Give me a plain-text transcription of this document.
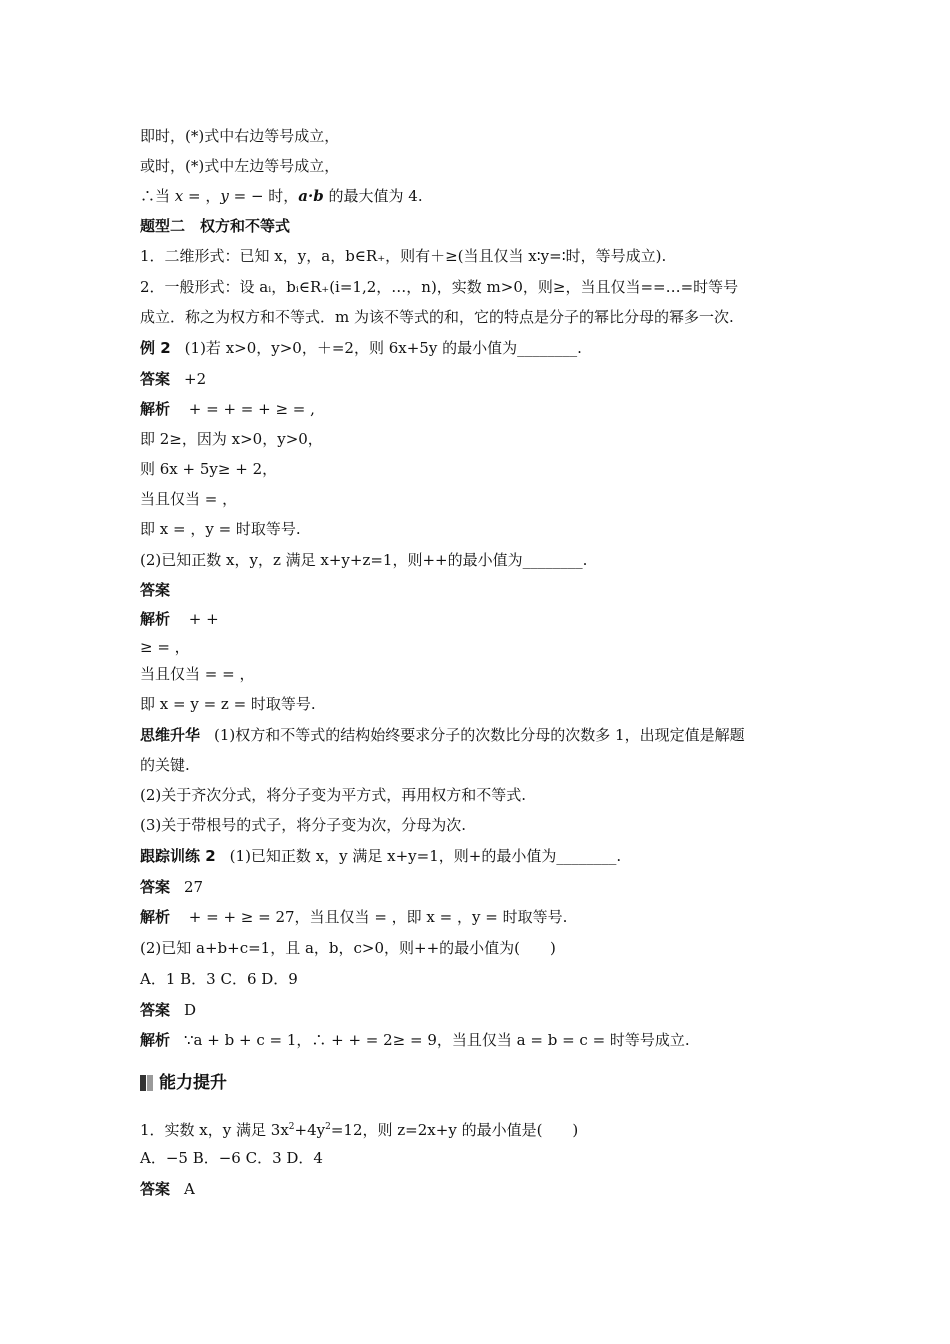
即时，(*)式中右边等号成立，
或时，(*)式中左边等号成立，
∴当 x = ，y = − 时，a·b 的最大值为 4.
题型二　权方和不等式
1．二维形式：已知 x，y，a，b∈R₊，则有＋≥(当且仅当 x∶y=∶时，等号成立).
2．一般形式：设 aᵢ，bᵢ∈R₊(i=1,2，…，n)，实数 m>0，则≥，当且仅当==…=时等号
成立．称之为权方和不等式．m 为该不等式的和，它的特点是分子的幂比分母的幂多一次.
例 2 (1)若 x>0，y>0，＋=2，则 6x+5y 的最小值为________.
答案 +2
解析 + = + = + ≥ = ,
即 2≥，因为 x>0，y>0，
则 6x + 5y≥ + 2，
当且仅当 = ，
即 x = ，y = 时取等号.
(2)已知正数 x，y，z 满足 x+y+z=1，则++的最小值为________.
答案
解析 + +
≥ = ，
当且仅当 = = ，
即 x = y = z = 时取等号.
思维升华 (1)权方和不等式的结构始终要求分子的次数比分母的次数多 1，出现定值是解题
的关键.
(2)关于齐次分式，将分子变为平方式，再用权方和不等式.
(3)关于带根号的式子，将分子变为次，分母为次.
跟踪训练 2 (1)已知正数 x，y 满足 x+y=1，则+的最小值为________.
答案 27
解析 + = + ≥ = 27，当且仅当 = ，即 x = ，y = 时取等号.
(2)已知 a+b+c=1，且 a，b，c>0，则++的最小值为(　　)
A．1 B．3 C．6 D．9
答案 D
解析 ∵a + b + c = 1，∴ + + = 2≥ = 9，当且仅当 a = b = c = 时等号成立.
能力提升
1．实数 x，y 满足 $3x^2+4y^2=12$，则 z=2x+y 的最小值是(　　)
A．−5 B．−6 C．3 D．4
答案 A
